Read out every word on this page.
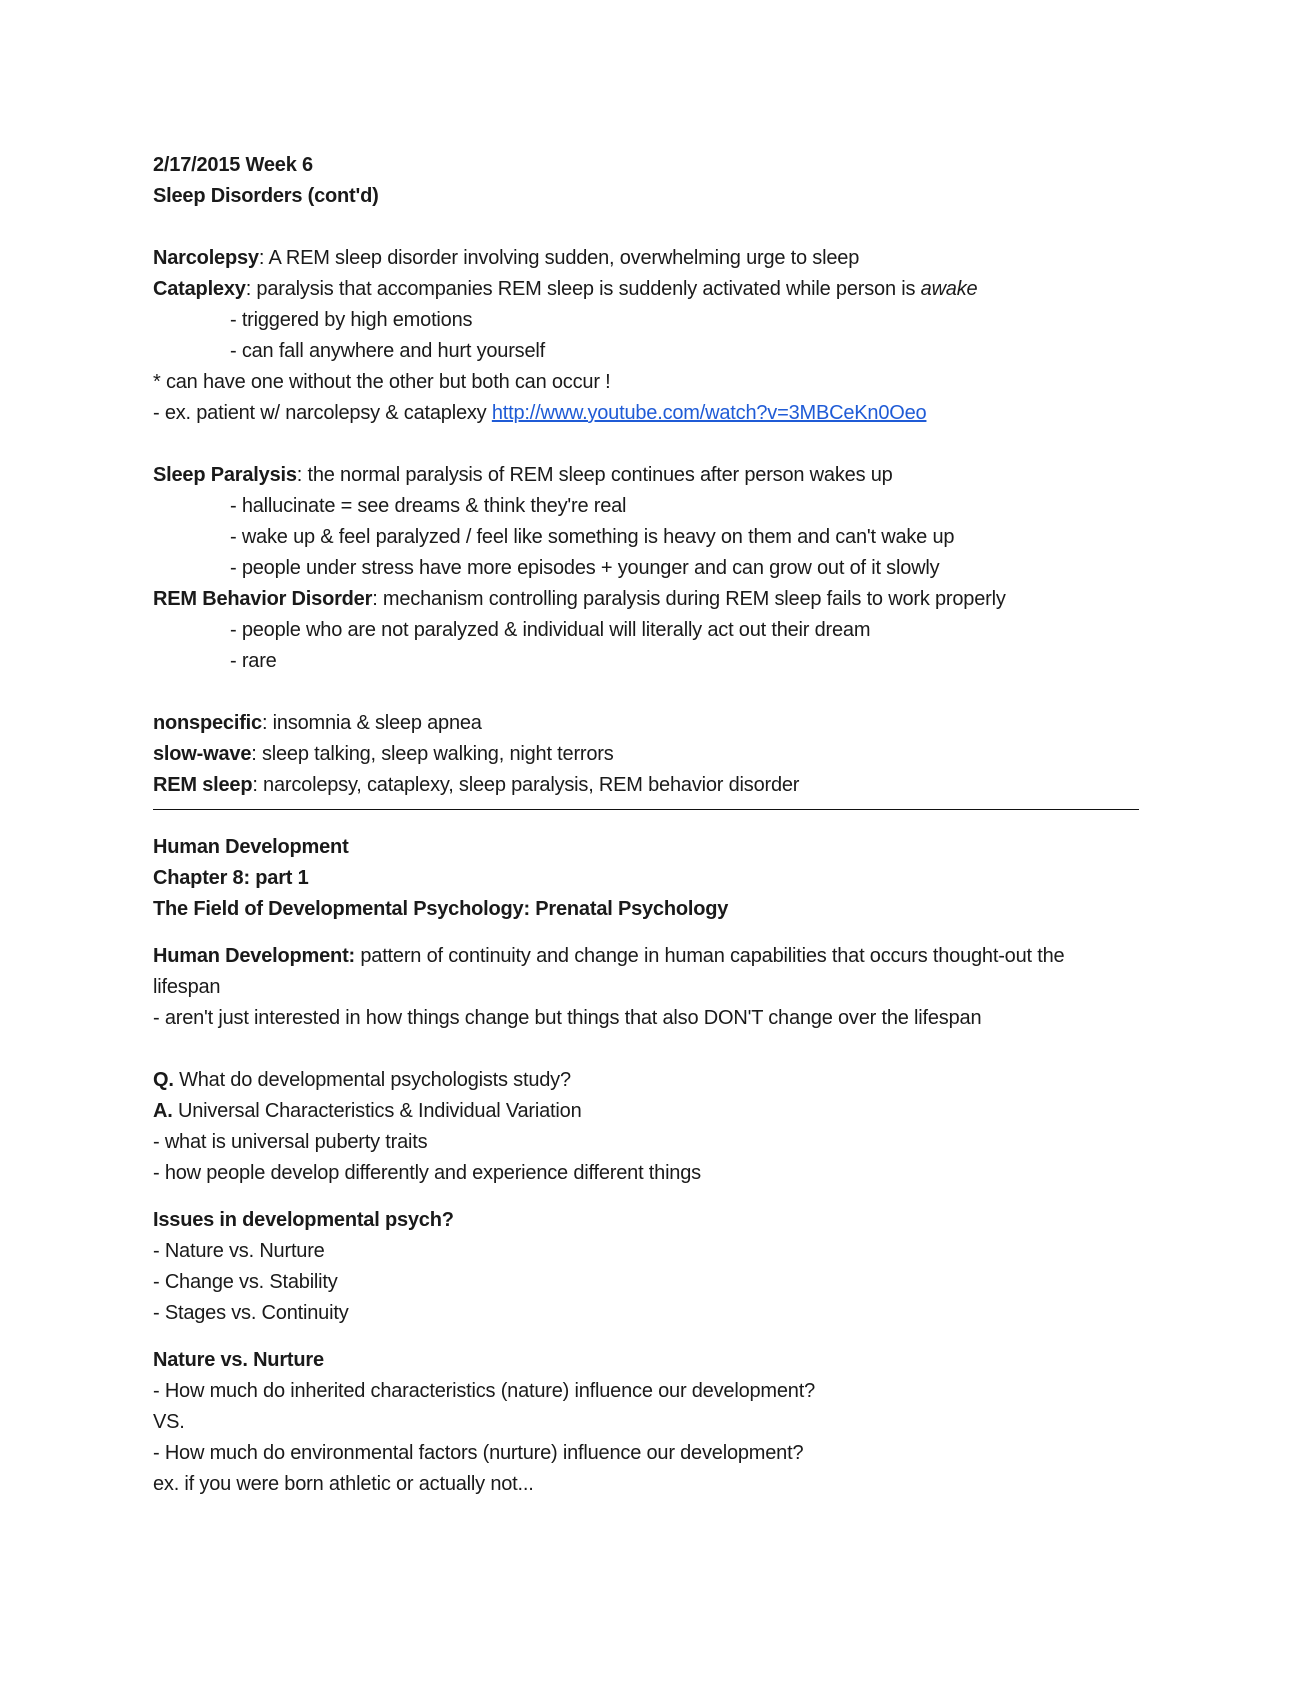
2/17/2015 Week 6
Sleep Disorders (cont'd)
Narcolepsy: A REM sleep disorder involving sudden, overwhelming urge to sleep
Cataplexy: paralysis that accompanies REM sleep is suddenly activated while person is awake
- triggered by high emotions
- can fall anywhere and hurt yourself
* can have one without the other but both can occur !
- ex. patient w/ narcolepsy & cataplexy http://www.youtube.com/watch?v=3MBCeKn0Oeo
Sleep Paralysis: the normal paralysis of REM sleep continues after person wakes up
- hallucinate = see dreams & think they're real
- wake up & feel paralyzed / feel like something is heavy on them and can't wake up
- people under stress have more episodes + younger and can grow out of it slowly
REM Behavior Disorder: mechanism controlling paralysis during REM sleep fails to work properly
- people who are not paralyzed & individual will literally act out their dream
- rare
nonspecific: insomnia & sleep apnea
slow-wave: sleep talking, sleep walking, night terrors
REM sleep: narcolepsy, cataplexy, sleep paralysis, REM behavior disorder
Human Development
Chapter 8: part 1
The Field of Developmental Psychology: Prenatal Psychology
Human Development: pattern of continuity and change in human capabilities that occurs thought-out the lifespan
- aren't just interested in how things change but things that also DON'T change over the lifespan
Q. What do developmental psychologists study?
A. Universal Characteristics & Individual Variation
- what is universal puberty traits
- how people develop differently and experience different things
Issues in developmental psych?
- Nature vs. Nurture
- Change vs. Stability
- Stages vs. Continuity
Nature vs. Nurture
- How much do inherited characteristics (nature) influence our development?
VS.
- How much do environmental factors (nurture) influence our development?
ex. if you were born athletic or actually not...
